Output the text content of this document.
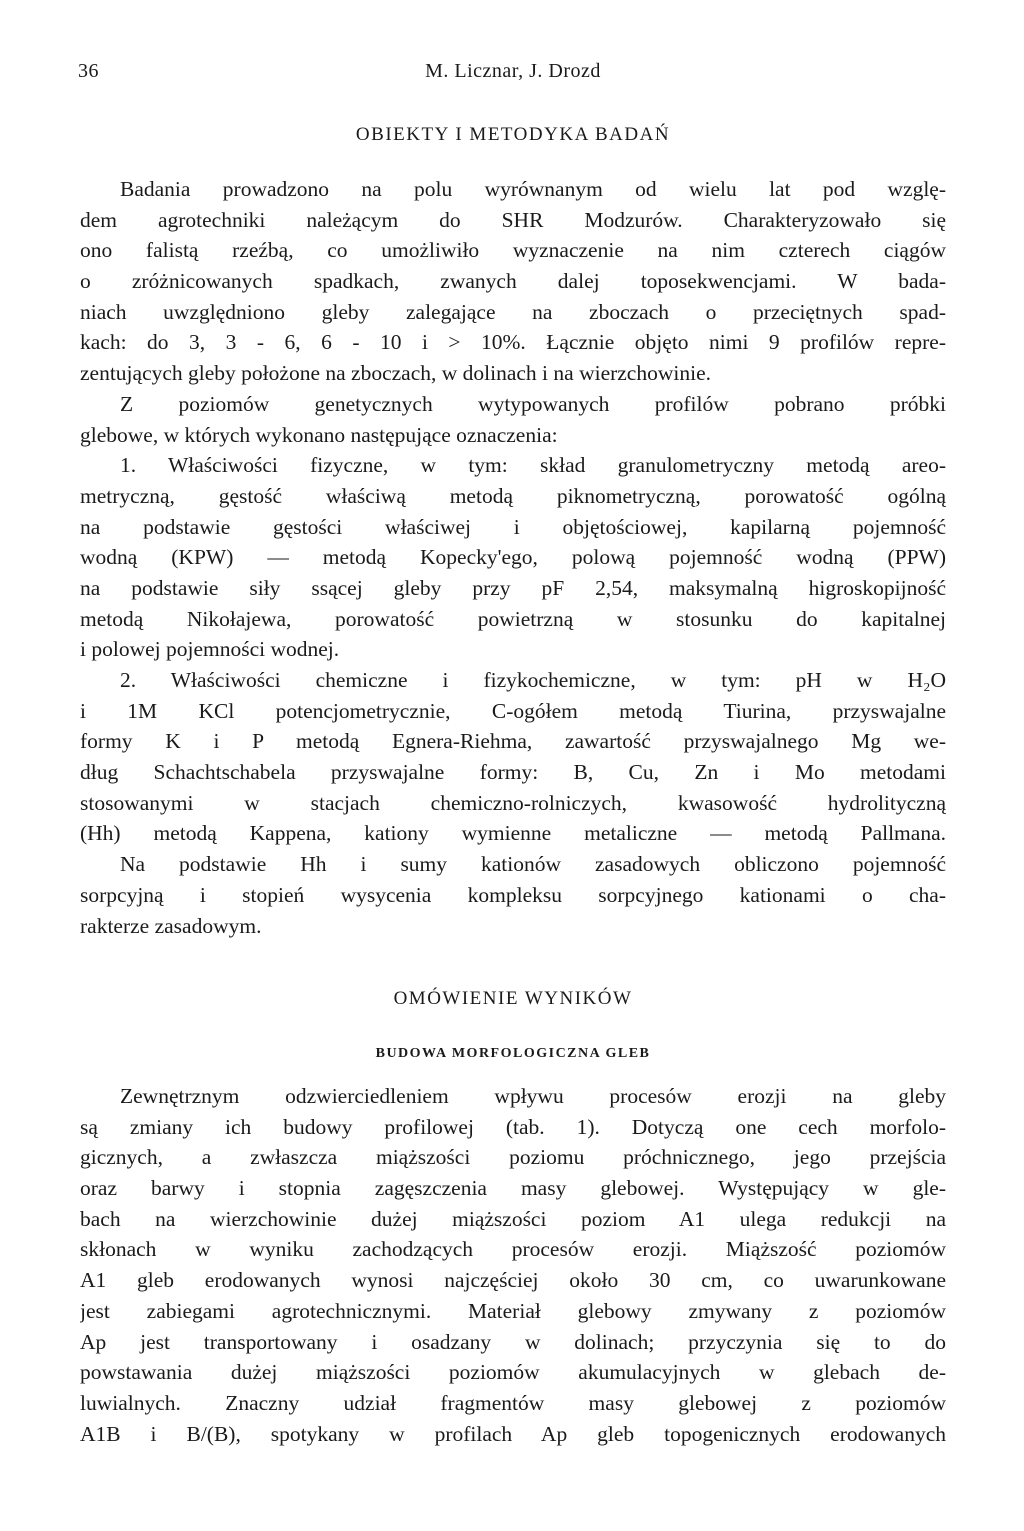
36	M. Licznar, J. Drozd
OBIEKTY I METODYKA BADAŃ
Badania prowadzono na polu wyrównanym od wielu lat pod wzglę-
dem agrotechniki należącym do SHR Modzurów. Charakteryzowało się
ono falistą rzeźbą, co umożliwiło wyznaczenie na nim czterech ciągów
o zróżnicowanych spadkach, zwanych dalej toposekwencjami. W bada-
niach uwzględniono gleby zalegające na zboczach o przeciętnych spad-
kach: do 3, 3 - 6, 6 - 10 i > 10%. Łącznie objęto nimi 9 profilów repre-
zentujących gleby położone na zboczach, w dolinach i na wierzchowinie.
Z poziomów genetycznych wytypowanych profilów pobrano próbki
glebowe, w których wykonano następujące oznaczenia:
1. Właściwości fizyczne, w tym: skład granulometryczny metodą areo-
metryczną, gęstość właściwą metodą piknometryczną, porowatość ogólną
na podstawie gęstości właściwej i objętościowej, kapilarną pojemność
wodną (KPW) — metodą Kopecky'ego, polową pojemność wodną (PPW)
na podstawie siły ssącej gleby przy pF 2,54, maksymalną higroskopijność
metodą Nikołajewa, porowatość powietrzną w stosunku do kapitalnej
i polowej pojemności wodnej.
2. Właściwości chemiczne i fizykochemiczne, w tym: pH w H₂O
i 1M KCl potencjometrycznie, C-ogółem metodą Tiurina, przyswajalne
formy K i P metodą Egnera-Riehma, zawartość przyswajalnego Mg we-
dług Schachtschabela przyswajalne formy: B, Cu, Zn i Mo metodami
stosowanymi w stacjach chemiczno-rolniczych, kwasowość hydrolityczną
(Hh) metodą Kappena, kationy wymienne metaliczne — metodą Pallmana.
Na podstawie Hh i sumy kationów zasadowych obliczono pojemność
sorpcyjną i stopień wysycenia kompleksu sorpcyjnego kationami o cha-
rakterze zasadowym.
OMÓWIENIE WYNIKÓW
BUDOWA MORFOLOGICZNA GLEB
Zewnętrznym odzwierciedleniem wpływu procesów erozji na gleby
są zmiany ich budowy profilowej (tab. 1). Dotyczą one cech morfolo-
gicznych, a zwłaszcza miąższości poziomu próchnicznego, jego przejścia
oraz barwy i stopnia zagęszczenia masy glebowej. Występujący w gle-
bach na wierzchowinie dużej miąższości poziom A1 ulega redukcji na
skłonach w wyniku zachodzących procesów erozji. Miąższość poziomów
A1 gleb erodowanych wynosi najczęściej około 30 cm, co uwarunkowane
jest zabiegami agrotechnicznymi. Materiał glebowy zmywany z poziomów
Ap jest transportowany i osadzany w dolinach; przyczynia się to do
powstawania dużej miąższości poziomów akumulacyjnych w glebach de-
luwialnych. Znaczny udział fragmentów masy glebowej z poziomów
A1B i B/(B), spotykany w profilach Ap gleb topogenicznych erodowanych
